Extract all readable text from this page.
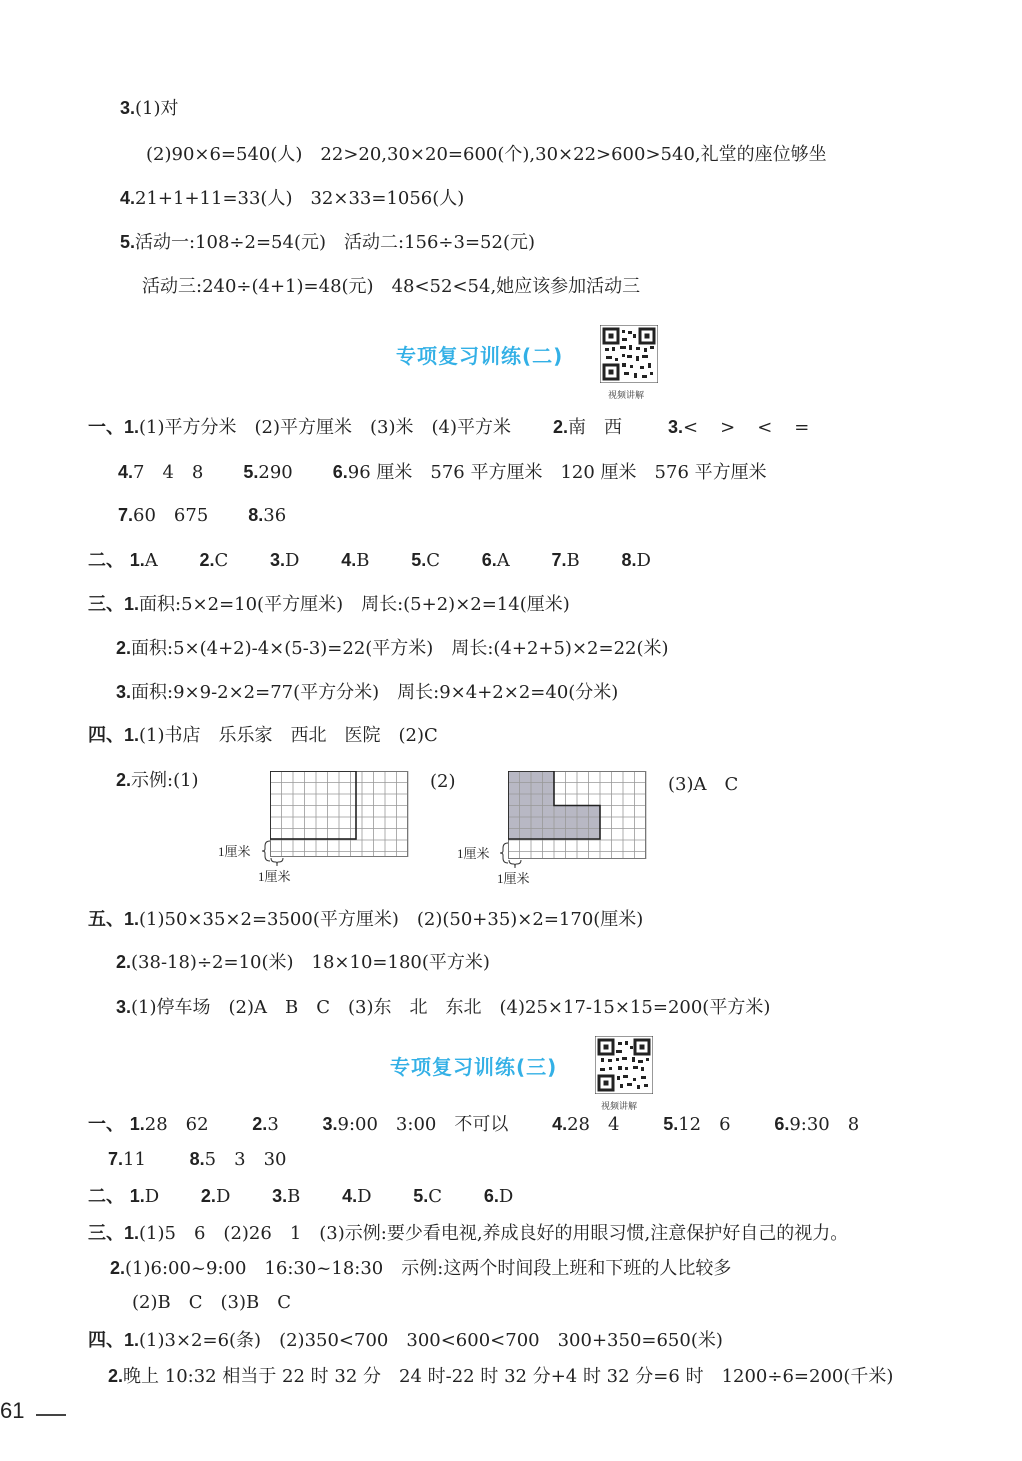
3.(1)对
(2)90×6=540(人)　22>20,30×20=600(个),30×22>600>540,礼堂的座位够坐
4.21+1+11=33(人)　32×33=1056(人)
5.活动一:108÷2=54(元)　活动二:156÷3=52(元)
活动三:240÷(4+1)=48(元)　48<52<54,她应该参加活动三
专项复习训练(二)
视频讲解
一、1.(1)平方分米　(2)平方厘米　(3)米　(4)平方米 2.南　西	3.<　>　<　=
4.7　4　8 5.290 6.96 厘米　576 平方厘米　120 厘米　576 平方厘米
7.60　675 8.36
二、 1.A 2.C 3.D 4.B 5.C 6.A 7.B 8.D
三、1.面积:5×2=10(平方厘米)　周长:(5+2)×2=14(厘米)
2.面积:5×(4+2)-4×(5-3)=22(平方米)　周长:(4+2+5)×2=22(米)
3.面积:9×9-2×2=77(平方分米)　周长:9×4+2×2=40(分米)
四、1.(1)书店　乐乐家　西北　医院　(2)C
2.示例:(1)
1厘米
1厘米
(2)
1厘米
1厘米
(3)A　C
五、1.(1)50×35×2=3500(平方厘米)　(2)(50+35)×2=170(厘米)
2.(38-18)÷2=10(米)　18×10=180(平方米)
3.(1)停车场　(2)A　B　C　(3)东　北　东北　(4)25×17-15×15=200(平方米)
专项复习训练(三)
视频讲解
一、 1.28　62 2.3 3.9:00　3:00　不可以 4.28　4 5.12　6 6.9:30　8
7.11 8.5　3　30
二、 1.D 2.D 3.B 4.D 5.C 6.D
三、1.(1)5　6　(2)26　1　(3)示例:要少看电视,养成良好的用眼习惯,注意保护好自己的视力。
2.(1)6:00~9:00　16:30~18:30　示例:这两个时间段上班和下班的人比较多
(2)B　C　(3)B　C
四、1.(1)3×2=6(条)　(2)350<700　300<600<700　300+350=650(米)
2.晚上 10:32 相当于 22 时 32 分　24 时-22 时 32 分+4 时 32 分=6 时　1200÷6=200(千米)
61
